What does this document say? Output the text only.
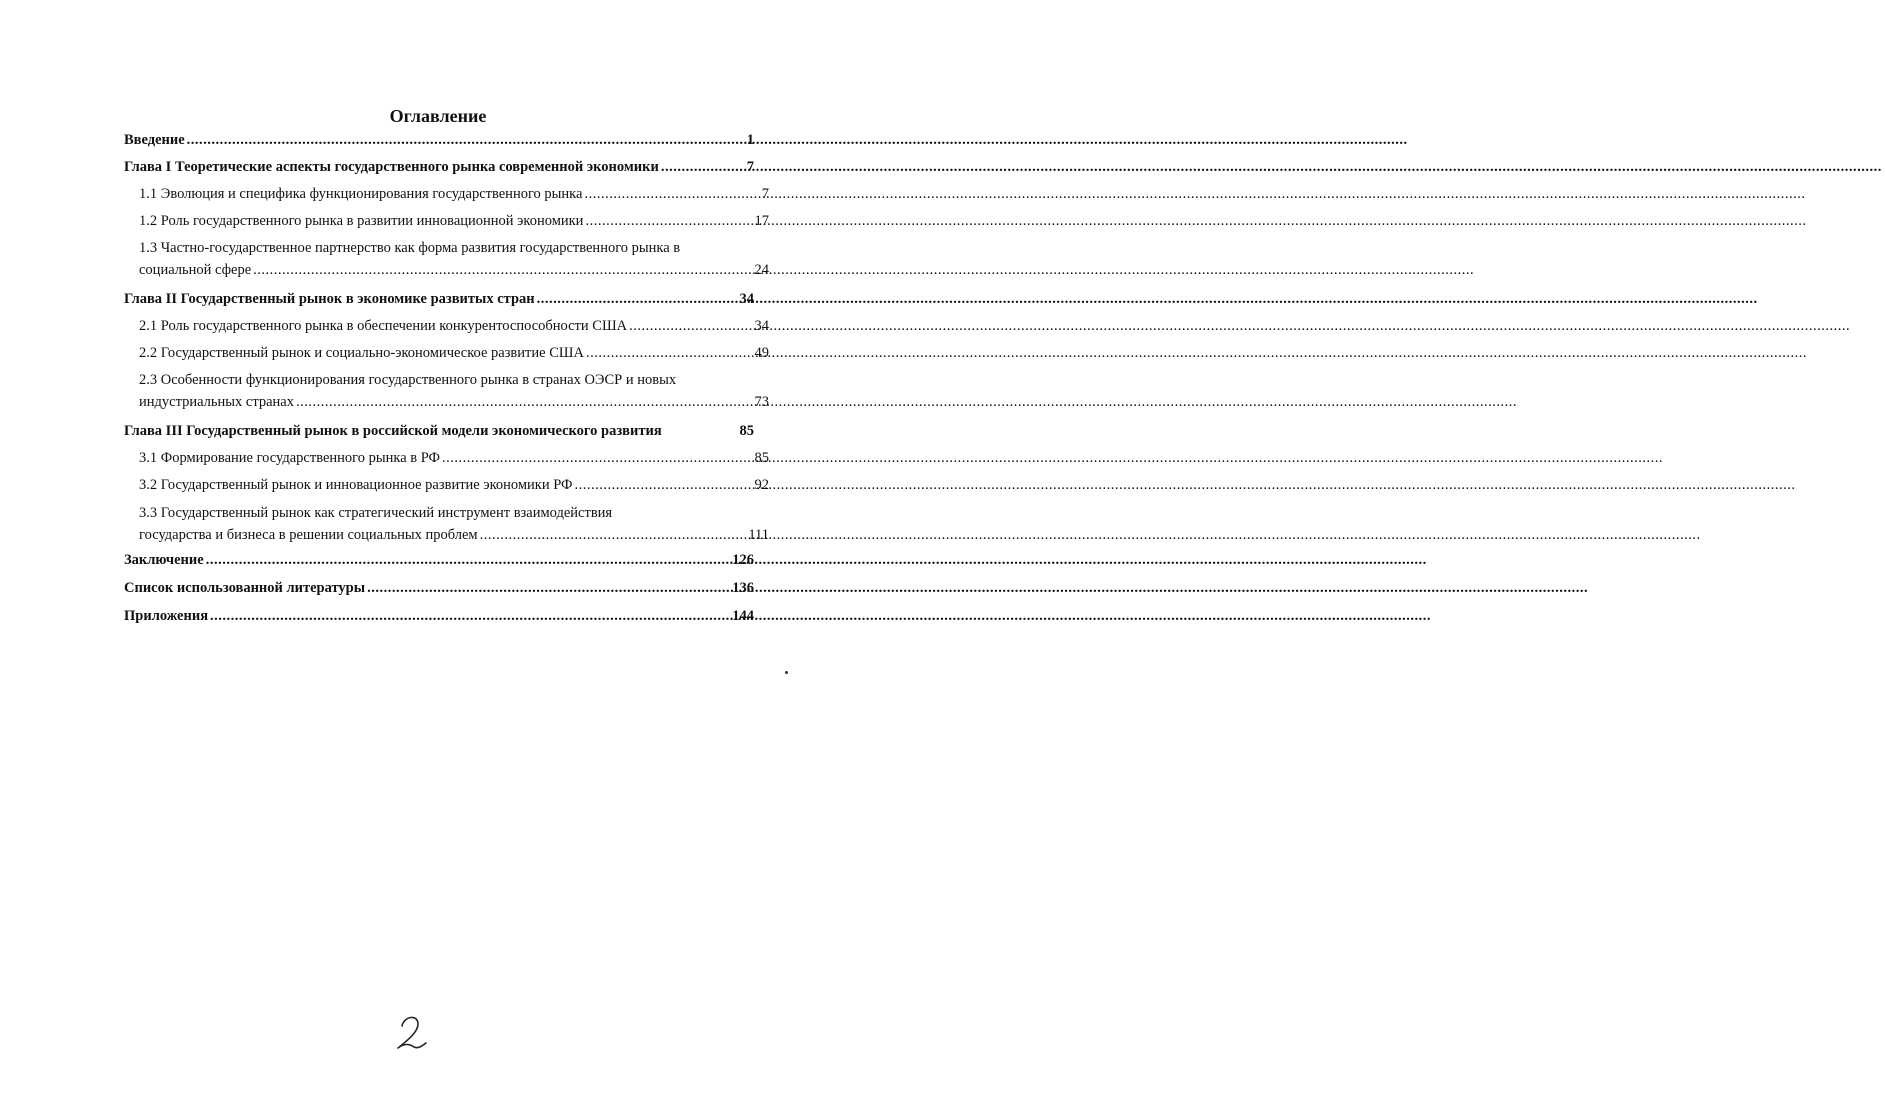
Оглавление
Введение .....	1
Глава I Теоретические аспекты государственного рынка современной экономики .....	7
1.1 Эволюция и специфика функционирования государственного рынка .....	7
1.2 Роль государственного рынка в развитии инновационной экономики .....	17
1.3 Частно-государственное партнерство как форма развития государственного рынка в
социальной сфере .....	24
Глава II Государственный рынок в экономике развитых стран .....	34
2.1 Роль государственного рынка в обеспечении конкурентоспособности США .....	34
2.2 Государственный рынок и социально-экономическое развитие США .....	49
2.3 Особенности функционирования государственного рынка в странах ОЭСР и новых
индустриальных странах .....	73
Глава III Государственный рынок в российской модели экономического развития	85
3.1 Формирование государственного рынка в РФ .....	85
3.2 Государственный рынок и инновационное развитие экономики РФ .....	92
3.3 Государственный рынок как стратегический инструмент взаимодействия
государства и бизнеса в решении социальных проблем .....	111
Заключение .....	126
Список использованной литературы .....	136
Приложения .....	144
